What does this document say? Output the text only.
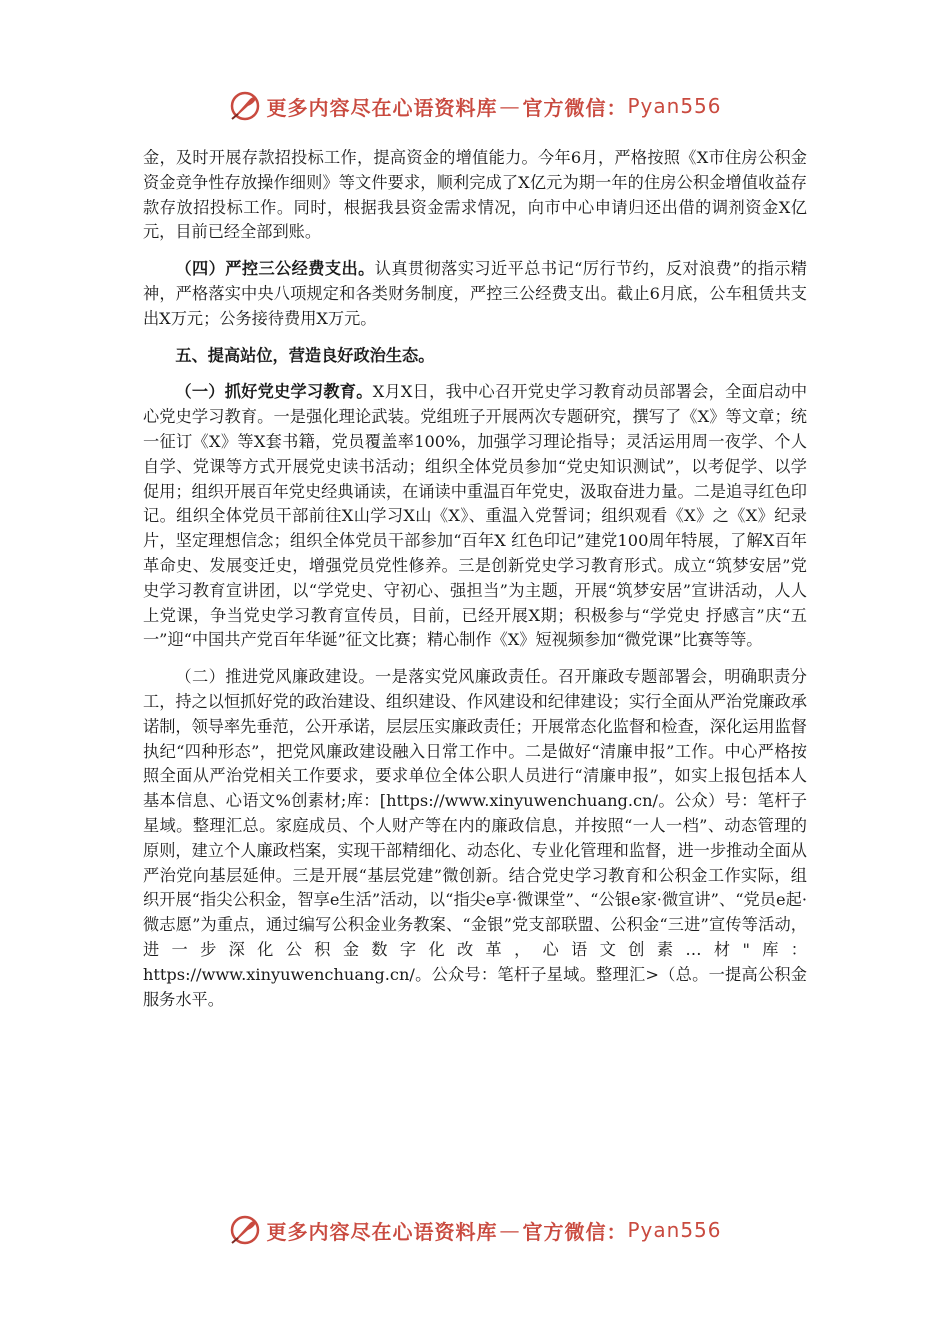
更多内容尽在心语资料库 — 官方微信： Pyan556

金，及时开展存款招投标工作，提高资金的增值能力。今年6月，严格按照《X市住房公积金资金竞争性存放操作细则》等文件要求，顺利完成了X亿元为期一年的住房公积金增值收益存款存放招投标工作。同时，根据我县资金需求情况，向市中心申请归还出借的调剂资金X亿元，目前已经全部到账。

（四）严控三公经费支出。认真贯彻落实习近平总书记“厉行节约，反对浪费”的指示精神，严格落实中央八项规定和各类财务制度，严控三公经费支出。截止6月底，公车租赁共支出X万元；公务接待费用X万元。

五、提高站位，营造良好政治生态。

（一）抓好党史学习教育。X月X日，我中心召开党史学习教育动员部署会，全面启动中心党史学习教育。一是强化理论武装。党组班子开展两次专题研究，撰写了《X》等文章；统一征订《X》等X套书籍，党员覆盖率100%，加强学习理论指导；灵活运用周一夜学、个人自学、党课等方式开展党史读书活动；组织全体党员参加“党史知识测试”，以考促学、以学促用；组织开展百年党史经典诵读，在诵读中重温百年党史，汲取奋进力量。二是追寻红色印记。组织全体党员干部前往X山学习X山《X》、重温入党誓词；组织观看《X》之《X》纪录片，坚定理想信念；组织全体党员干部参加“百年X 红色印记”建党100周年特展，了解X百年革命史、发展变迁史，增强党员党性修养。三是创新党史学习教育形式。成立“筑梦安居”党史学习教育宣讲团，以“学党史、守初心、强担当”为主题，开展“筑梦安居”宣讲活动，人人上党课，争当党史学习教育宣传员，目前，已经开展X期；积极参与“学党史 抒感言”庆“五一”迎“中国共产党百年华诞”征文比赛；精心制作《X》短视频参加“微党课”比赛等等。

（二）推进党风廉政建设。一是落实党风廉政责任。召开廉政专题部署会，明确职责分工，持之以恒抓好党的政治建设、组织建设、作风建设和纪律建设；实行全面从严治党廉政承诺制，领导率先垂范，公开承诺，层层压实廉政责任；开展常态化监督和检查，深化运用监督执纪“四种形态”，把党风廉政建设融入日常工作中。二是做好“清廉申报”工作。中心严格按照全面从严治党相关工作要求，要求单位全体公职人员进行“清廉申报”，如实上报包括本人基本信息、心语文%创素材;库：[https://www.xinyuwenchuang.cn/。公众）号：笔杆子星域。整理汇总。家庭成员、个人财产等在内的廉政信息，并按照“一人一档”、动态管理的原则，建立个人廉政档案，实现干部精细化、动态化、专业化管理和监督，进一步推动全面从严治党向基层延伸。三是开展“基层党建”微创新。结合党史学习教育和公积金工作实际，组织开展“指尖公积金，智享e生活”活动，以“指尖e享·微课堂”、“公银e家·微宣讲”、“党员e起·微志愿”为重点，通过编写公积金业务教案、“金银”党支部联盟、公积金“三进”宣传等活动，进一步深化公积金数字化改革，心语文创素…材"库：https://www.xinyuwenchuang.cn/。公众号：笔杆子星域。整理汇>（总。一提高公积金服务水平。

更多内容尽在心语资料库 — 官方微信： Pyan556
